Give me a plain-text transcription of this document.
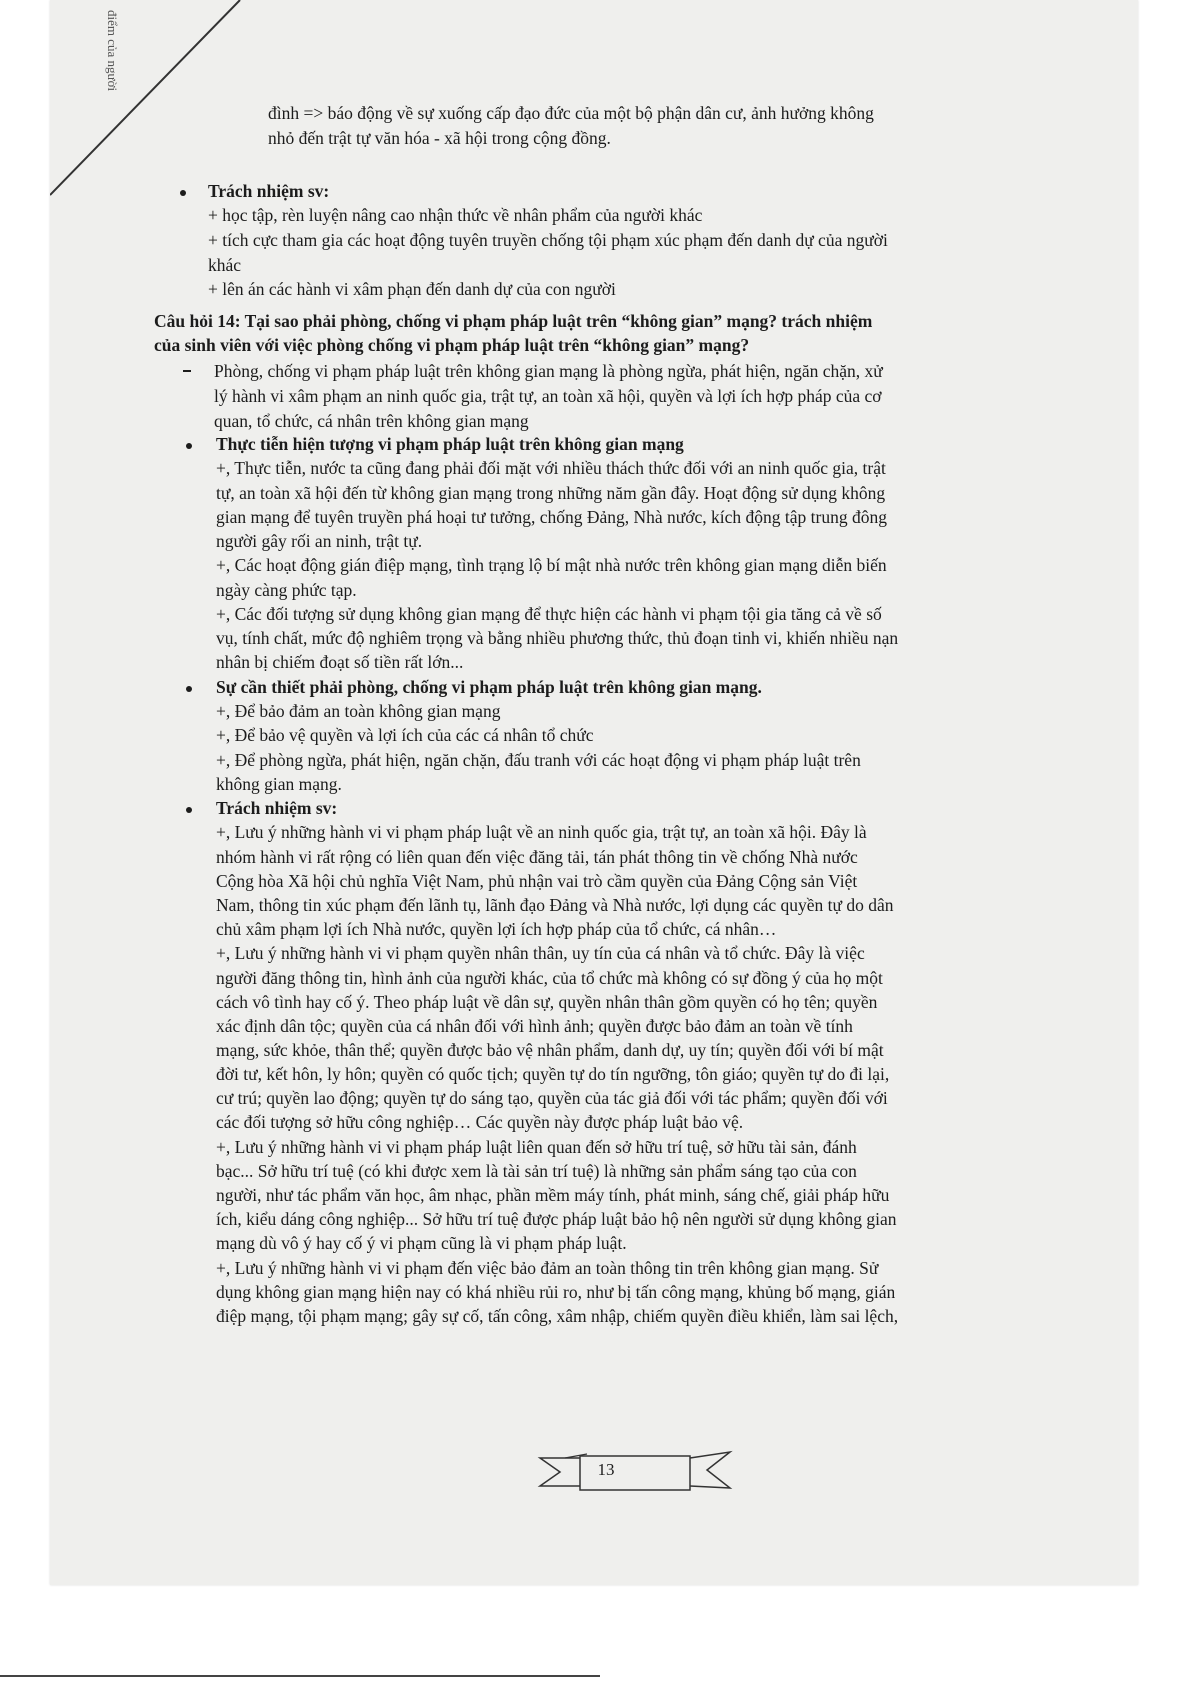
điểm của người
đình => báo động về sự xuống cấp đạo đức của một bộ phận dân cư, ảnh hưởng không
nhỏ đến trật tự văn hóa - xã hội trong cộng đồng.
Trách nhiệm sv:
+ học tập, rèn luyện nâng cao nhận thức về nhân phẩm của người khác
+ tích cực tham gia các hoạt động tuyên truyền chống tội phạm xúc phạm đến danh dự của người
khác
+ lên án các hành vi xâm phạn đến danh dự của con người
Câu hỏi 14: Tại sao phải phòng, chống vi phạm pháp luật trên “không gian” mạng? trách nhiệm
của sinh viên với việc phòng chống vi phạm pháp luật trên “không gian” mạng?
Phòng, chống vi phạm pháp luật trên không gian mạng là phòng ngừa, phát hiện, ngăn chặn, xử
lý hành vi xâm phạm an ninh quốc gia, trật tự, an toàn xã hội, quyền và lợi ích hợp pháp của cơ
quan, tổ chức, cá nhân trên không gian mạng
Thực tiễn hiện tượng vi phạm pháp luật trên không gian mạng
+, Thực tiễn, nước ta cũng đang phải đối mặt với nhiều thách thức đối với an ninh quốc gia, trật
tự, an toàn xã hội đến từ không gian mạng trong những năm gần đây. Hoạt động sử dụng không
gian mạng để tuyên truyền phá hoại tư tưởng, chống Đảng, Nhà nước, kích động tập trung đông
người gây rối an ninh, trật tự.
+, Các hoạt động gián điệp mạng, tình trạng lộ bí mật nhà nước trên không gian mạng diễn biến
ngày càng phức tạp.
+, Các đối tượng sử dụng không gian mạng để thực hiện các hành vi phạm tội gia tăng cả về số
vụ, tính chất, mức độ nghiêm trọng và bằng nhiều phương thức, thủ đoạn tinh vi, khiến nhiều nạn
nhân bị chiếm đoạt số tiền rất lớn...
Sự cần thiết phải phòng, chống vi phạm pháp luật trên không gian mạng.
+, Để bảo đảm an toàn không gian mạng
+, Để bảo vệ quyền và lợi ích của các cá nhân tổ chức
+, Để phòng ngừa, phát hiện, ngăn chặn, đấu tranh với các hoạt động vi phạm pháp luật trên
không gian mạng.
Trách nhiệm sv:
+, Lưu ý những hành vi vi phạm pháp luật về an ninh quốc gia, trật tự, an toàn xã hội. Đây là
nhóm hành vi rất rộng có liên quan đến việc đăng tải, tán phát thông tin về chống Nhà nước
Cộng hòa Xã hội chủ nghĩa Việt Nam, phủ nhận vai trò cầm quyền của Đảng Cộng sản Việt
Nam, thông tin xúc phạm đến lãnh tụ, lãnh đạo Đảng và Nhà nước, lợi dụng các quyền tự do dân
chủ xâm phạm lợi ích Nhà nước, quyền lợi ích hợp pháp của tổ chức, cá nhân…
+, Lưu ý những hành vi vi phạm quyền nhân thân, uy tín của cá nhân và tổ chức. Đây là việc
người đăng thông tin, hình ảnh của người khác, của tổ chức mà không có sự đồng ý của họ một
cách vô tình hay cố ý. Theo pháp luật về dân sự, quyền nhân thân gồm quyền có họ tên; quyền
xác định dân tộc; quyền của cá nhân đối với hình ảnh; quyền được bảo đảm an toàn về tính
mạng, sức khỏe, thân thể; quyền được bảo vệ nhân phẩm, danh dự, uy tín; quyền đối với bí mật
đời tư, kết hôn, ly hôn; quyền có quốc tịch; quyền tự do tín ngưỡng, tôn giáo; quyền tự do đi lại,
cư trú; quyền lao động; quyền tự do sáng tạo, quyền của tác giả đối với tác phẩm; quyền đối với
các đối tượng sở hữu công nghiệp… Các quyền này được pháp luật bảo vệ.
+, Lưu ý những hành vi vi phạm pháp luật liên quan đến sở hữu trí tuệ, sở hữu tài sản, đánh
bạc... Sở hữu trí tuệ (có khi được xem là tài sản trí tuệ) là những sản phẩm sáng tạo của con
người, như tác phẩm văn học, âm nhạc, phần mềm máy tính, phát minh, sáng chế, giải pháp hữu
ích, kiểu dáng công nghiệp... Sở hữu trí tuệ được pháp luật bảo hộ nên người sử dụng không gian
mạng dù vô ý hay cố ý vi phạm cũng là vi phạm pháp luật.
+, Lưu ý những hành vi vi phạm đến việc bảo đảm an toàn thông tin trên không gian mạng. Sử
dụng không gian mạng hiện nay có khá nhiều rủi ro, như bị tấn công mạng, khủng bố mạng, gián
điệp mạng, tội phạm mạng; gây sự cố, tấn công, xâm nhập, chiếm quyền điều khiển, làm sai lệch,
13
